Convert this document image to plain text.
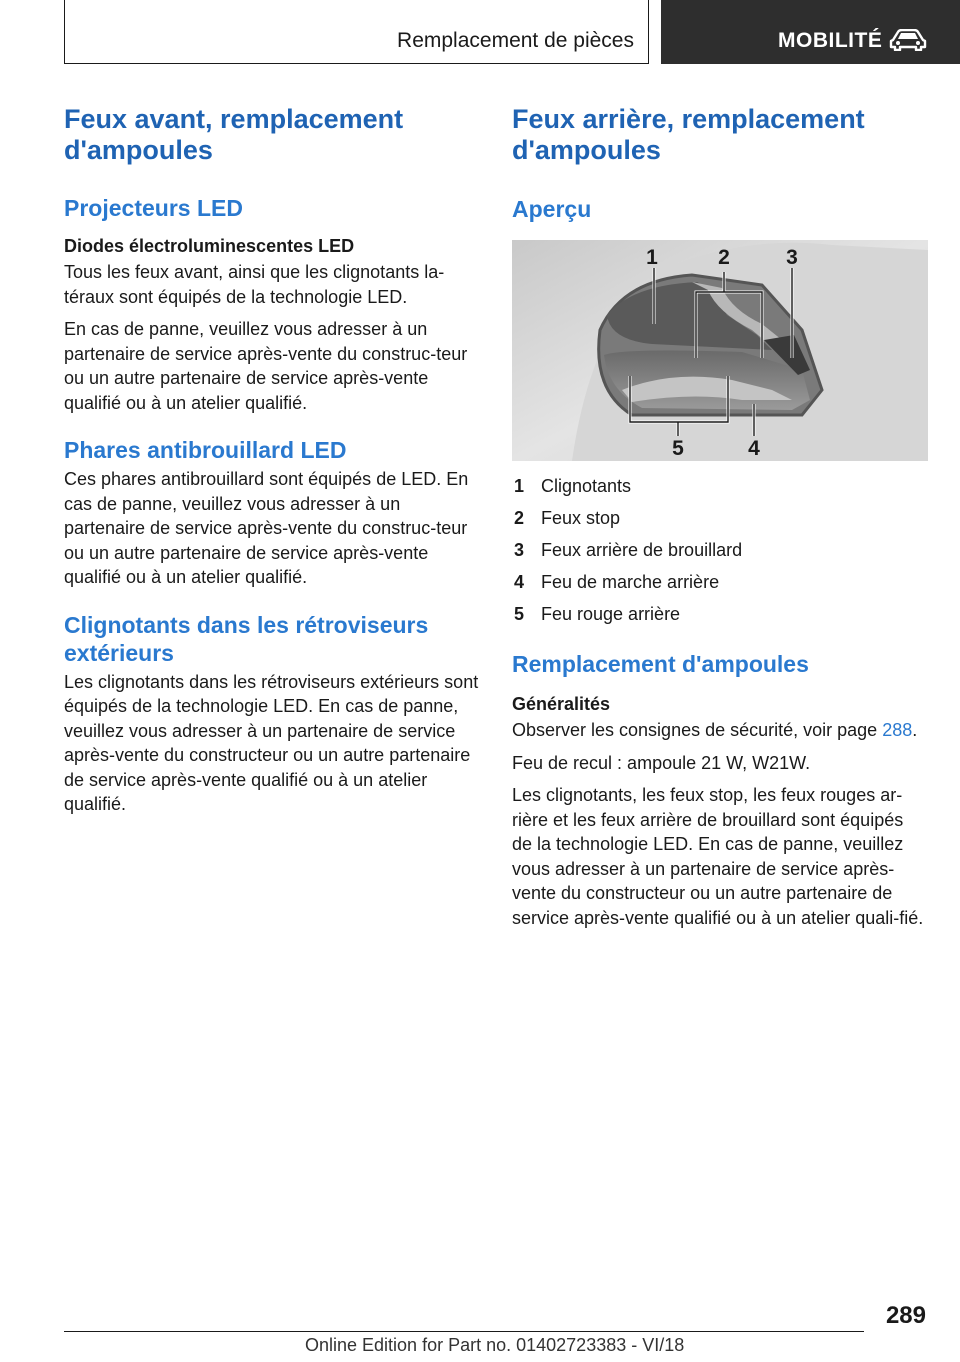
Remplacement de pièces	MOBILITÉ
Feux avant, remplacement d'ampoules
Projecteurs LED
Diodes électroluminescentes LED

Tous les feux avant, ainsi que les clignotants la-téraux sont équipés de la technologie LED.

En cas de panne, veuillez vous adresser à un partenaire de service après-vente du construc-teur ou un autre partenaire de service après-vente qualifié ou à un atelier qualifié.

Phares antibrouillard LED

Ces phares antibrouillard sont équipés de LED. En cas de panne, veuillez vous adresser à un partenaire de service après-vente du construc-teur ou un autre partenaire de service après-vente qualifié ou à un atelier qualifié.

Clignotants dans les rétroviseurs extérieurs

Les clignotants dans les rétroviseurs extérieurs sont équipés de la technologie LED. En cas de panne, veuillez vous adresser à un partenaire de service après-vente du constructeur ou un autre partenaire de service après-vente qualifié ou à un atelier qualifié.

Feux arrière, remplacement d'ampoules
Aperçu
1	2	3
4
5
1 Clignotants
2 Feux stop
3 Feux arrière de brouillard
4 Feu de marche arrière
5 Feu rouge arrière
Remplacement d'ampoules
Généralités

Observer les consignes de sécurité, voir page 288.

Feu de recul : ampoule 21 W, W21W.

Les clignotants, les feux stop, les feux rouges ar-rière et les feux arrière de brouillard sont équipés de la technologie LED. En cas de panne, veuillez vous adresser à un partenaire de service après-vente du constructeur ou un autre partenaire de service après-vente qualifié ou à un atelier quali-fié.

289
Online Edition for Part no. 01402723383 - VI/18
